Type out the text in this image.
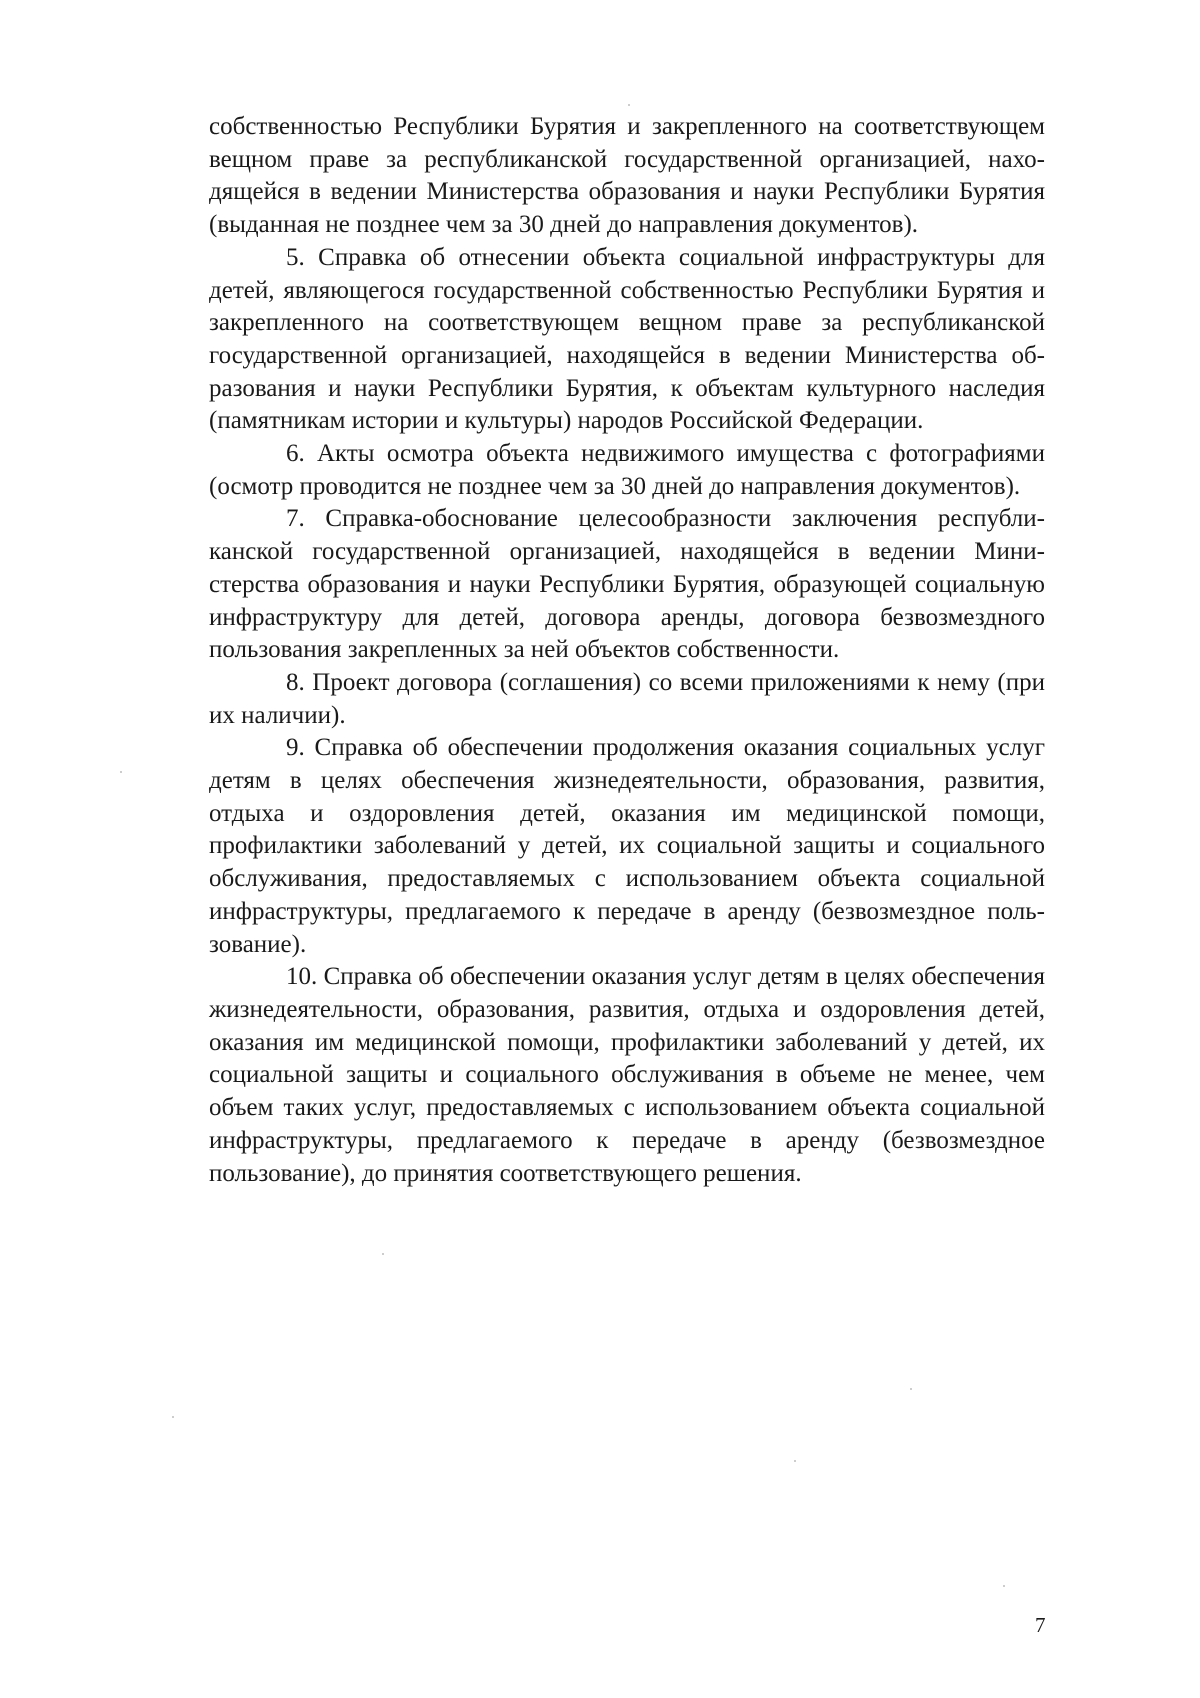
собственностью Республики Бурятия и закрепленного на соответствующем вещном праве за республиканской государственной организацией, находящейся в ведении Министерства образования и науки Республики Бурятия (выданная не позднее чем за 30 дней до направления документов).

5. Справка об отнесении объекта социальной инфраструктуры для детей, являющегося государственной собственностью Республики Бурятия и закрепленного на соответствующем вещном праве за республиканской государственной организацией, находящейся в ведении Министерства образования и науки Республики Бурятия, к объектам культурного наследия (памятникам истории и культуры) народов Российской Федерации.

6. Акты осмотра объекта недвижимого имущества с фотографиями (осмотр проводится не позднее чем за 30 дней до направления документов).

7. Справка-обоснование целесообразности заключения республиканской государственной организацией, находящейся в ведении Министерства образования и науки Республики Бурятия, образующей социальную инфраструктуру для детей, договора аренды, договора безвозмездного пользования закрепленных за ней объектов собственности.

8. Проект договора (соглашения) со всеми приложениями к нему (при их наличии).

9. Справка об обеспечении продолжения оказания социальных услуг детям в целях обеспечения жизнедеятельности, образования, развития, отдыха и оздоровления детей, оказания им медицинской помощи, профилактики заболеваний у детей, их социальной защиты и социального обслуживания, предоставляемых с использованием объекта социальной инфраструктуры, предлагаемого к передаче в аренду (безвозмездное пользование).

10. Справка об обеспечении оказания услуг детям в целях обеспечения жизнедеятельности, образования, развития, отдыха и оздоровления детей, оказания им медицинской помощи, профилактики заболеваний у детей, их социальной защиты и социального обслуживания в объеме не менее, чем объем таких услуг, предоставляемых с использованием объекта социальной инфраструктуры, предлагаемого к передаче в аренду (безвозмездное пользование), до принятия соответствующего решения.

7
